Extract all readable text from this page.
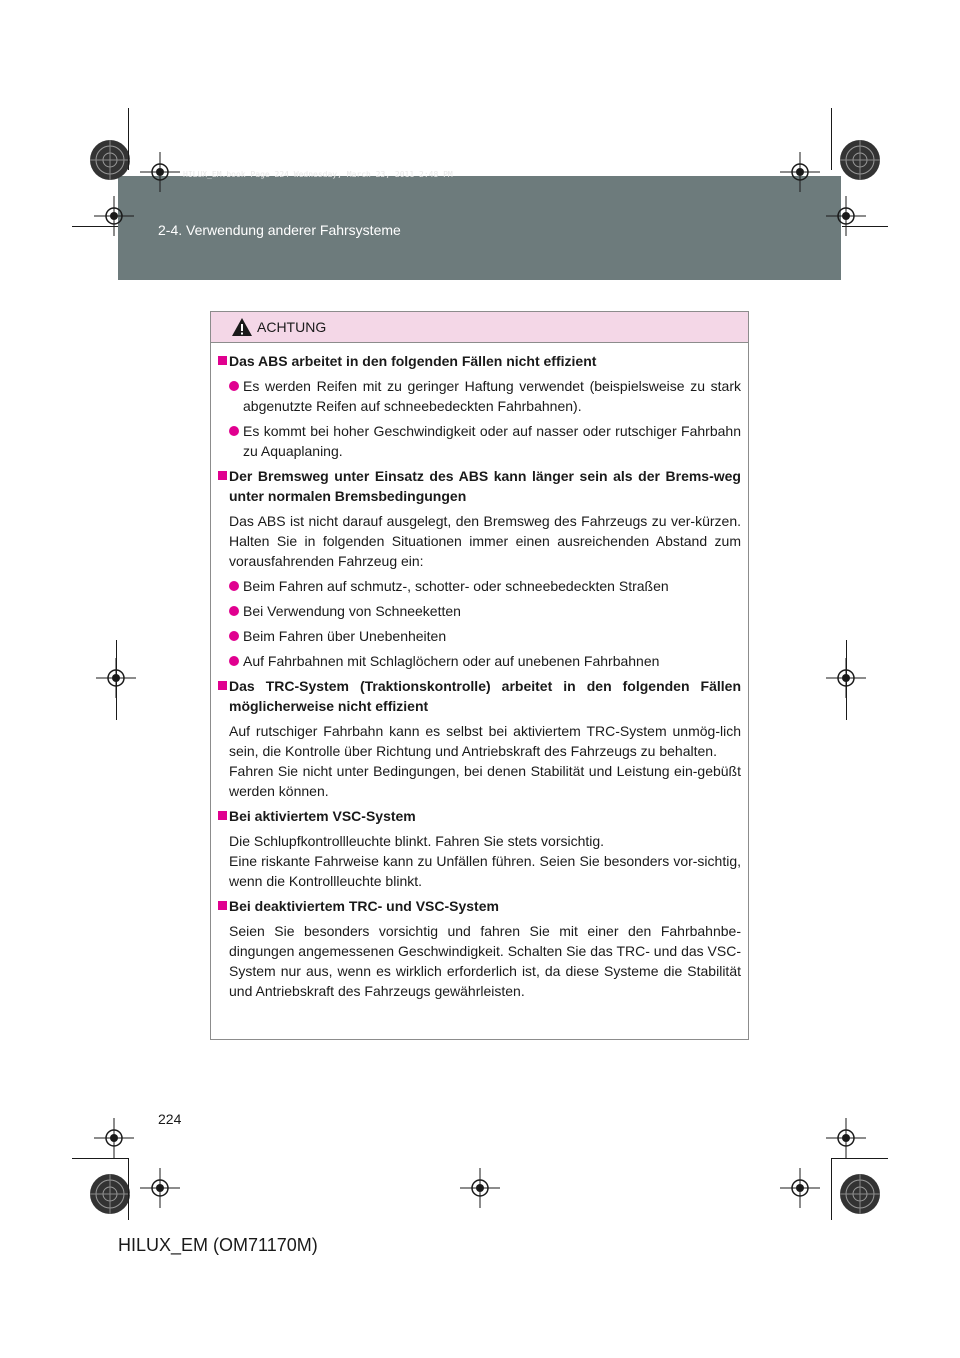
HILUX_EM.book Page 224 Wednesday, March 23, 2011 2:48 PM
2-4. Verwendung anderer Fahrsysteme
ACHTUNG
Das ABS arbeitet in den folgenden Fällen nicht effizient
Es werden Reifen mit zu geringer Haftung verwendet (beispielsweise zu stark abgenutzte Reifen auf schneebedeckten Fahrbahnen).
Es kommt bei hoher Geschwindigkeit oder auf nasser oder rutschiger Fahrbahn zu Aquaplaning.
Der Bremsweg unter Einsatz des ABS kann länger sein als der Brems-weg unter normalen Bremsbedingungen
Das ABS ist nicht darauf ausgelegt, den Bremsweg des Fahrzeugs zu ver-kürzen. Halten Sie in folgenden Situationen immer einen ausreichenden Abstand zum vorausfahrenden Fahrzeug ein:
Beim Fahren auf schmutz-, schotter- oder schneebedeckten Straßen
Bei Verwendung von Schneeketten
Beim Fahren über Unebenheiten
Auf Fahrbahnen mit Schlaglöchern oder auf unebenen Fahrbahnen
Das TRC-System (Traktionskontrolle) arbeitet in den folgenden Fällen möglicherweise nicht effizient
Auf rutschiger Fahrbahn kann es selbst bei aktiviertem TRC-System unmög-lich sein, die Kontrolle über Richtung und Antriebskraft des Fahrzeugs zu behalten.
Fahren Sie nicht unter Bedingungen, bei denen Stabilität und Leistung ein-gebüßt werden können.
Bei aktiviertem VSC-System
Die Schlupfkontrollleuchte blinkt. Fahren Sie stets vorsichtig.
Eine riskante Fahrweise kann zu Unfällen führen. Seien Sie besonders vor-sichtig, wenn die Kontrollleuchte blinkt.
Bei deaktiviertem TRC- und VSC-System
Seien Sie besonders vorsichtig und fahren Sie mit einer den Fahrbahnbe-dingungen angemessenen Geschwindigkeit. Schalten Sie das TRC- und das VSC-System nur aus, wenn es wirklich erforderlich ist, da diese Systeme die Stabilität und Antriebskraft des Fahrzeugs gewährleisten.
224
HILUX_EM (OM71170M)
